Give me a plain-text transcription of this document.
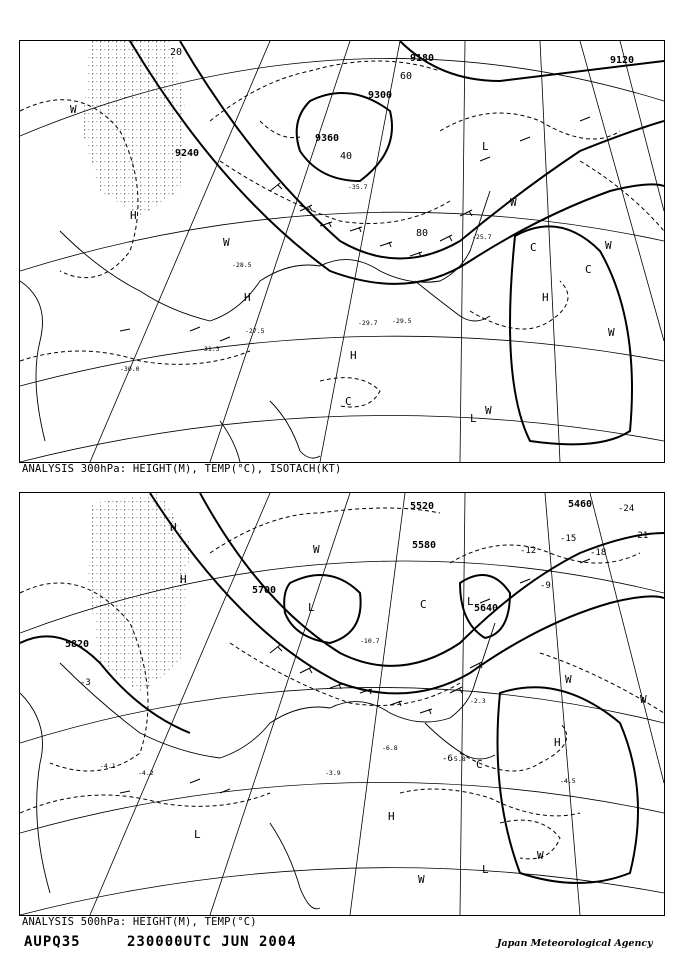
9120
9180
9240
9300
9360
20
40
60
80
H
H
H
H
L
L
C
C
C
W
W
W
W
W
W
-25.7
-27.5
-29.5
-29.7
-28.5
-31.3
-30.0
-35.7
ANALYSIS 300hPa: HEIGHT(M), TEMP(°C), ISOTACH(KT)
5460
5520
5580
5640
5700
5820
-3
-6
-9
-12
-15
-18
-21
-24
H
H
H
H
L
L	L
L
C
C
W
W
W
W
W
-10.7
-4.1
-4.2
-6.8
-5.8
-3.9
-4.5
-2.3
ANALYSIS 500hPa: HEIGHT(M), TEMP(°C)
AUPQ35	230000UTC JUN 2004	Japan Meteorological Agency
